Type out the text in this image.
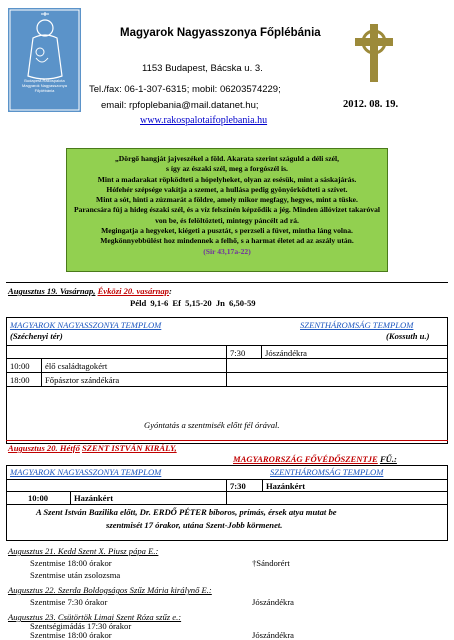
Budapest-Rákospalota
Magyarok Nagyasszonya
Főplébánia
Magyarok Nagyasszonya Főplébánia
1153 Budapest, Bácska u. 3.
Tel./fax: 06-1-307-6315; mobil: 06203574229;
email: rpfoplebania@mail.datanet.hu;
www.rakospalotaifoplebania.hu
2012. 08. 19.
„Dörgő hangját jajveszékel a föld. Akarata szerint száguld a déli szél,
s így az északi szél, meg a forgószél is.
Mint a madarakat röpködteti a hópelyheket, olyan az esésük, mint a sáskajárás.
Hófehér szépsége vakítja a szemet, a hullása pedig gyönyörködteti a szívet.
Mint a sót, hinti a zúzmarát a földre, amely mikor megfagy, hegyes, mint a tüske.
Parancsára fúj a hideg északi szél, és a víz felszínén képződik a jég. Minden állóvizet takaróval
von be, és felöltözteti, mintegy páncélt ad rá.
Megingatja a hegyeket, kiégeti a pusztát, s perzseli a füvet, mintha láng volna.
Megkönnyebbülést hoz mindennek a felhő, s a harmat életet ad az aszály után.
(Sir 43,17a-22)
Augusztus 19. Vasárnap, Évközi 20. vasárnap:
Péld 9,1-6 Ef 5,15-20 Jn 6,50-59
MAGYAROK NAGYASSZONYA TEMPLOM	SZENTHÁROMSÁG TEMPLOM
(Széchenyi tér)	(Kossuth u.)
7:30 Jószándékra
10:00 élő családtagokért
18:00 Főpásztor szándékára
Gyóntatás a szentmisék előtt fél órával.
Augusztus 20. Hétfő SZENT ISTVÁN KIRÁLY,
MAGYARORSZÁG FŐVÉDŐSZENTJE FŰ.:
MAGYAROK NAGYASSZONYA TEMPLOM	SZENTHÁROMSÁG TEMPLOM
7:30 Hazánkért
10:00	Hazánkért
A Szent István Bazilika előtt, Dr. ERDŐ PÉTER bíboros, prímás, érsek atya mutat be
szentmisét 17 órakor, utána Szent-Jobb körmenet.
Augusztus 21. Kedd Szent X. Piusz pápa E.:
Szentmise 18:00 órakor	†Sándorért
Szentmise után zsolozsma
Augusztus 22. Szerda Boldogságos Szűz Mária királynő E.:
Szentmise 7:30 órakor	Jószándékra
Augusztus 23. Csütörtök Limai Szent Róza szűz e.:
Szentségimádás 17:30 órakor
Szentmise 18:00 órakor	Jószándékra
